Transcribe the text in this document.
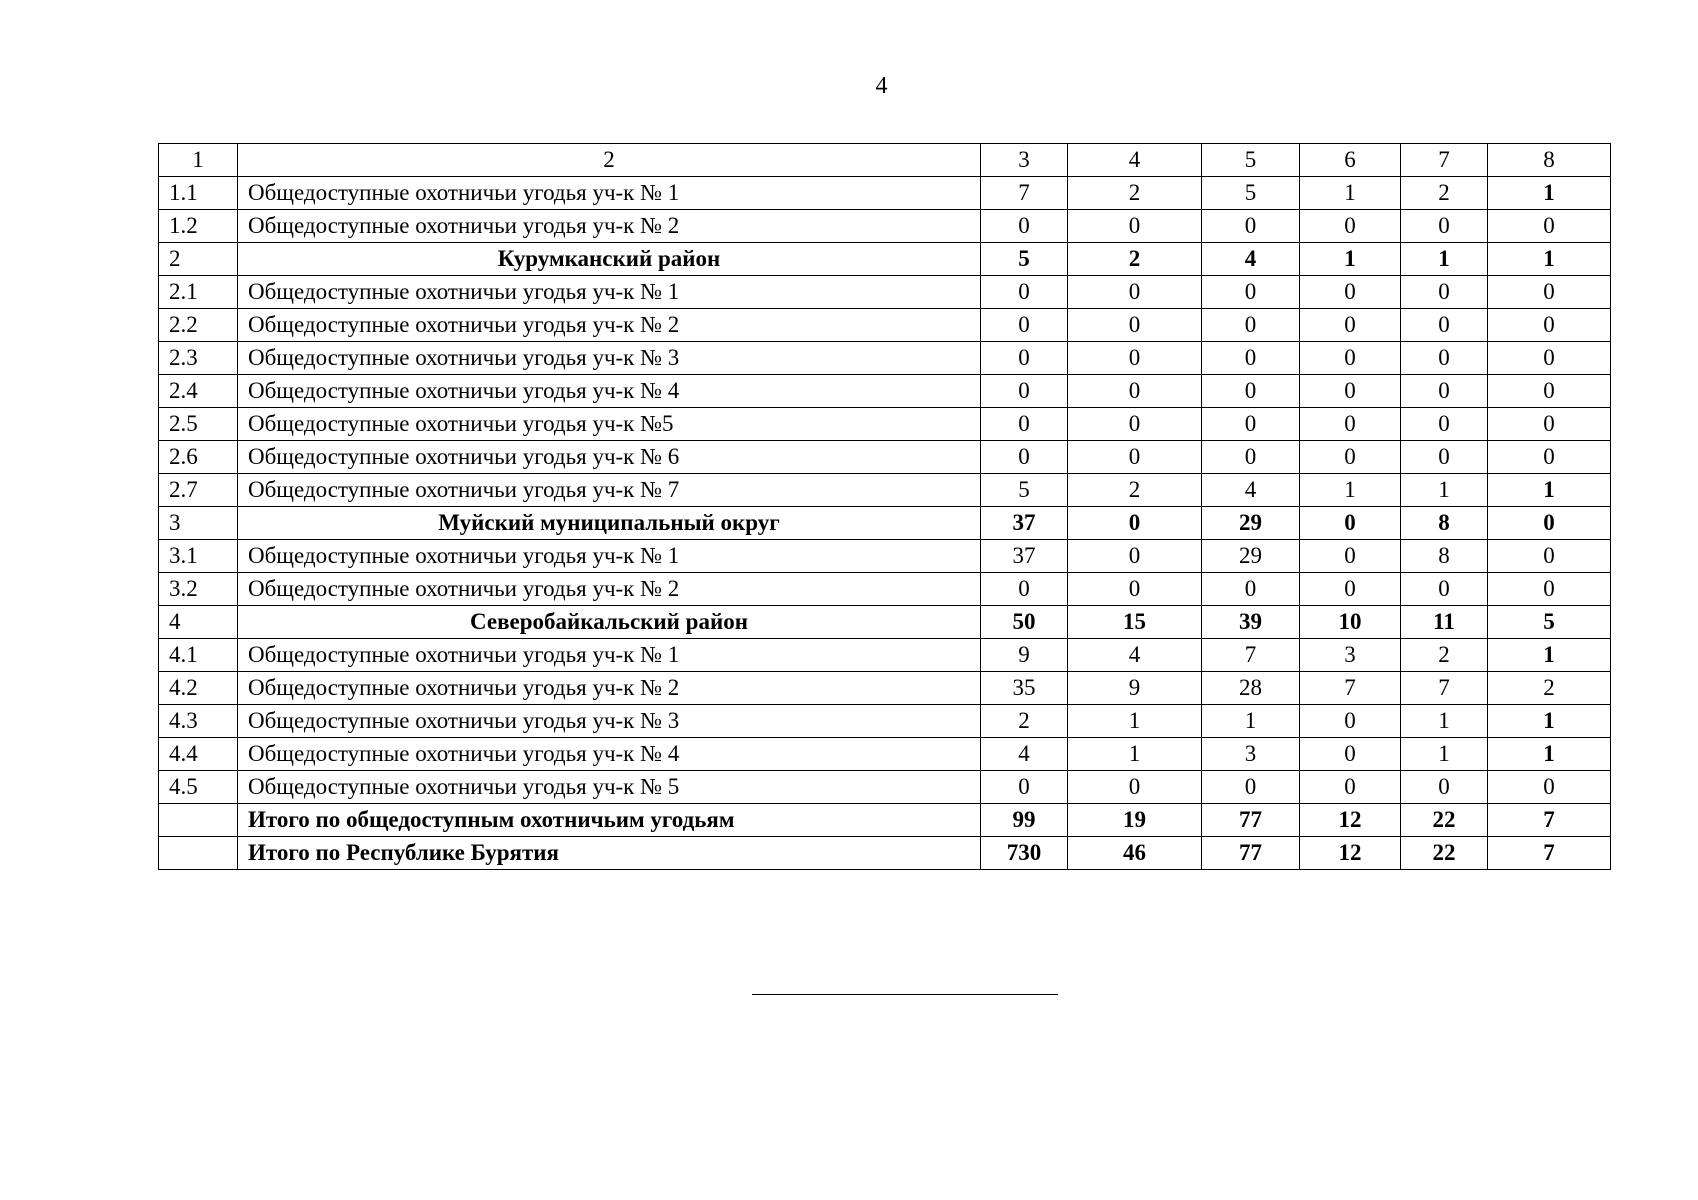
4
1	2	3	4	5	6	7	8
1.1	Общедоступные охотничьи угодья уч-к № 1	7	2	5	1	2	1
1.2	Общедоступные охотничьи угодья уч-к № 2	0	0	0	0	0	0
2	Курумканский район	5	2	4	1	1	1
2.1	Общедоступные охотничьи угодья уч-к № 1	0	0	0	0	0	0
2.2	Общедоступные охотничьи угодья уч-к № 2	0	0	0	0	0	0
2.3	Общедоступные охотничьи угодья уч-к № 3	0	0	0	0	0	0
2.4	Общедоступные охотничьи угодья уч-к № 4	0	0	0	0	0	0
2.5	Общедоступные охотничьи угодья уч-к №5	0	0	0	0	0	0
2.6	Общедоступные охотничьи угодья уч-к № 6	0	0	0	0	0	0
2.7	Общедоступные охотничьи угодья уч-к № 7	5	2	4	1	1	1
3	Муйский муниципальный округ	37	0	29	0	8	0
3.1	Общедоступные охотничьи угодья уч-к № 1	37	0	29	0	8	0
3.2	Общедоступные охотничьи угодья уч-к № 2	0	0	0	0	0	0
4	Северобайкальский район	50	15	39	10	11	5
4.1	Общедоступные охотничьи угодья уч-к № 1	9	4	7	3	2	1
4.2	Общедоступные охотничьи угодья уч-к № 2	35	9	28	7	7	2
4.3	Общедоступные охотничьи угодья уч-к № 3	2	1	1	0	1	1
4.4	Общедоступные охотничьи угодья уч-к № 4	4	1	3	0	1	1
4.5	Общедоступные охотничьи угодья уч-к № 5	0	0	0	0	0	0
	Итого по общедоступным охотничьим угодьям	99	19	77	12	22	7
	Итого по Республике Бурятия	730	46	77	12	22	7
